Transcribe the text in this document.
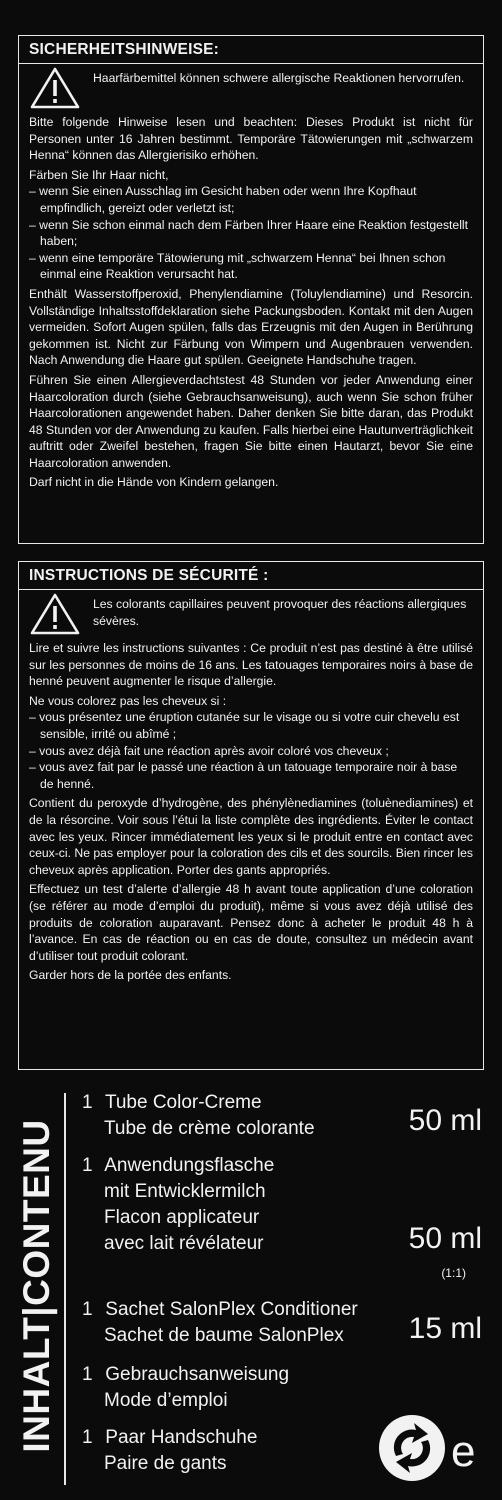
SICHERHEITSHINWEISE:
Haarfärbemittel können schwere allergische Reaktionen hervorrufen.

Bitte folgende Hinweise lesen und beachten: Dieses Produkt ist nicht für Personen unter 16 Jahren bestimmt. Temporäre Tätowierungen mit „schwarzem Henna“ können das Allergierisiko erhöhen.

Färben Sie Ihr Haar nicht,

– wenn Sie einen Ausschlag im Gesicht haben oder wenn Ihre Kopfhaut empfindlich, gereizt oder verletzt ist;

– wenn Sie schon einmal nach dem Färben Ihrer Haare eine Reaktion festgestellt haben;

– wenn eine temporäre Tätowierung mit „schwarzem Henna“ bei Ihnen schon einmal eine Reaktion verursacht hat.

Enthält Wasserstoffperoxid, Phenylendiamine (Toluylendiamine) und Resorcin. Vollständige Inhaltsstoffdeklaration siehe Packungsboden. Kontakt mit den Augen vermeiden. Sofort Augen spülen, falls das Erzeugnis mit den Augen in Berührung gekommen ist. Nicht zur Färbung von Wimpern und Augenbrauen verwenden. Nach Anwendung die Haare gut spülen. Geeignete Handschuhe tragen.

Führen Sie einen Allergieverdachtstest 48 Stunden vor jeder Anwendung einer Haarcoloration durch (siehe Gebrauchsanweisung), auch wenn Sie schon früher Haarcolorationen angewendet haben. Daher denken Sie bitte daran, das Produkt 48 Stunden vor der Anwendung zu kaufen. Falls hierbei eine Hautunverträglichkeit auftritt oder Zweifel bestehen, fragen Sie bitte einen Hautarzt, bevor Sie eine Haarcoloration anwenden.

Darf nicht in die Hände von Kindern gelangen.

INSTRUCTIONS DE SÉCURITÉ :
Les colorants capillaires peuvent provoquer des réactions allergiques sévères.

Lire et suivre les instructions suivantes : Ce produit n’est pas destiné à être utilisé sur les personnes de moins de 16 ans. Les tatouages temporaires noirs à base de henné peuvent augmenter le risque d’allergie.

Ne vous colorez pas les cheveux si :

– vous présentez une éruption cutanée sur le visage ou si votre cuir chevelu est sensible, irrité ou abîmé ;

– vous avez déjà fait une réaction après avoir coloré vos cheveux ;

– vous avez fait par le passé une réaction à un tatouage temporaire noir à base de henné.

Contient du peroxyde d’hydrogène, des phénylènediamines (toluènediamines) et de la résorcine. Voir sous l’étui la liste complète des ingrédients. Éviter le contact avec les yeux. Rincer immédiatement les yeux si le produit entre en contact avec ceux-ci. Ne pas employer pour la coloration des cils et des sourcils. Bien rincer les cheveux après application. Porter des gants appropriés.

Effectuez un test d’alerte d’allergie 48 h avant toute application d’une coloration (se référer au mode d’emploi du produit), même si vous avez déjà utilisé des produits de coloration auparavant. Pensez donc à acheter le produit 48 h à l’avance. En cas de réaction ou en cas de doute, consultez un médecin avant d’utiliser tout produit colorant.

Garder hors de la portée des enfants.

INHALT|CONTENU
1 Tube Color-Creme
Tube de crème colorante	50 ml
1 Anwendungsflasche
mit Entwicklermilch
Flacon applicateur
avec lait révélateur	50 ml
(1:1)
1 Sachet SalonPlex Conditioner
Sachet de baume SalonPlex	15 ml
1 Gebrauchsanweisung
Mode d’emploi
1 Paar Handschuhe
Paire de gants	e
